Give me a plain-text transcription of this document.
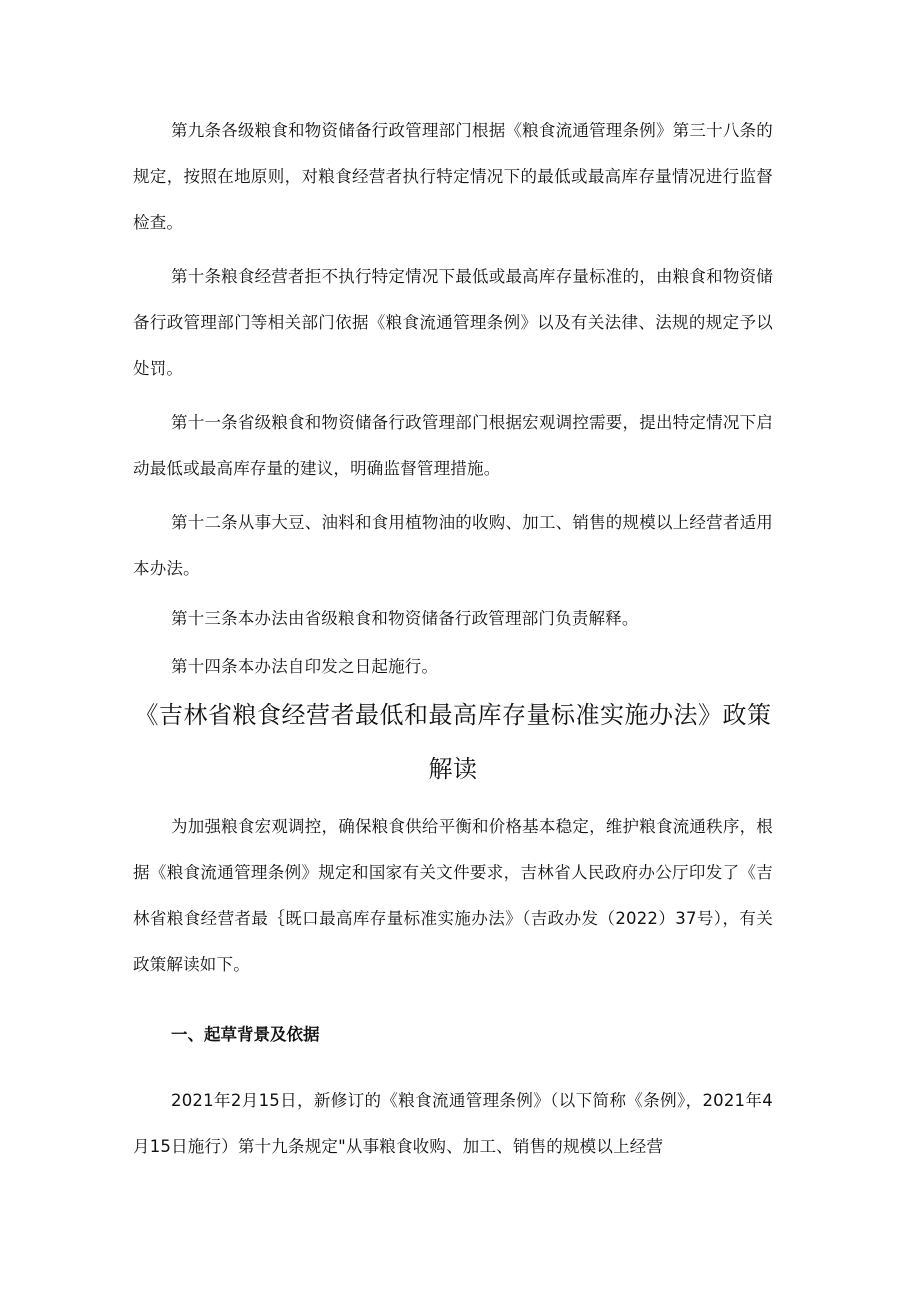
第九条各级粮食和物资储备行政管理部门根据《粮食流通管理条例》第三十八条的规定，按照在地原则，对粮食经营者执行特定情况下的最低或最高库存量情况进行监督检查。

第十条粮食经营者拒不执行特定情况下最低或最高库存量标准的，由粮食和物资储备行政管理部门等相关部门依据《粮食流通管理条例》以及有关法律、法规的规定予以处罚。

第十一条省级粮食和物资储备行政管理部门根据宏观调控需要，提出特定情况下启动最低或最高库存量的建议，明确监督管理措施。

第十二条从事大豆、油料和食用植物油的收购、加工、销售的规模以上经营者适用本办法。

第十三条本办法由省级粮食和物资储备行政管理部门负责解释。

第十四条本办法自印发之日起施行。

《吉林省粮食经营者最低和最高库存量标准实施办法》政策解读

为加强粮食宏观调控，确保粮食供给平衡和价格基本稳定，维护粮食流通秩序，根据《粮食流通管理条例》规定和国家有关文件要求，吉林省人民政府办公厅印发了《吉林省粮食经营者最｛既口最高库存量标准实施办法》（吉政办发（2022）37号），有关政策解读如下。

一、起草背景及依据

2021年2月15日，新修订的《粮食流通管理条例》（以下简称《条例》，2021年4月15日施行）第十九条规定"从事粮食收购、加工、销售的规模以上经营
